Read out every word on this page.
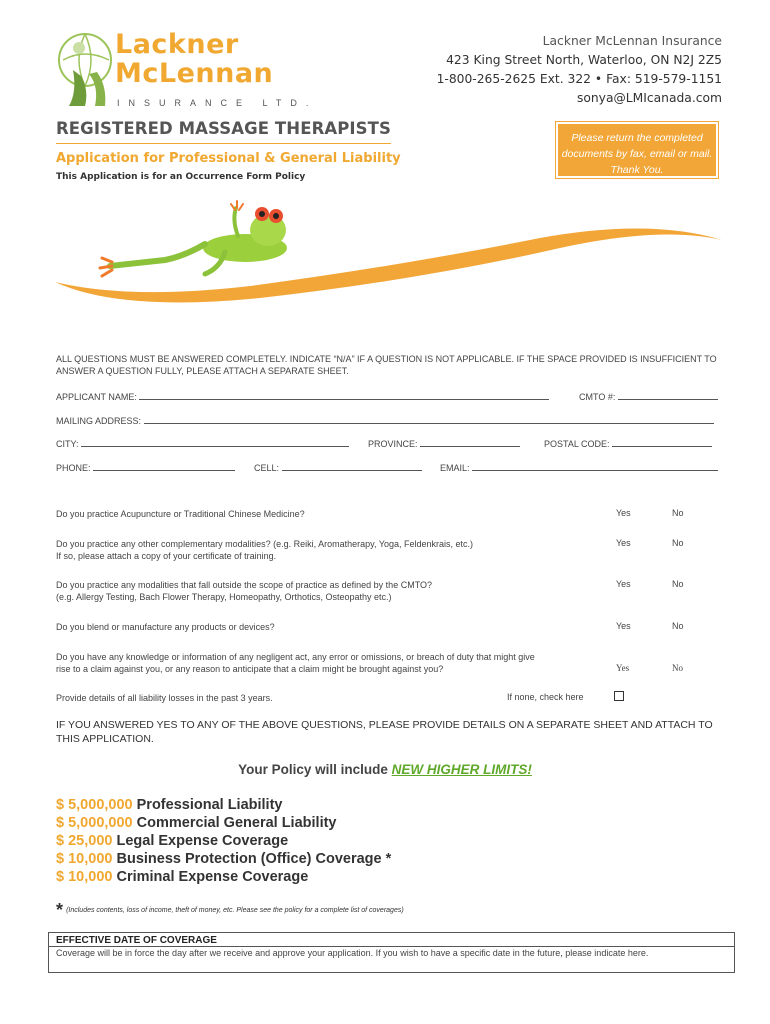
Lackner
McLennan
INSURANCE LTD.
Lackner McLennan Insurance
423 King Street North, Waterloo, ON N2J 2Z5
1-800-265-2625 Ext. 322 • Fax: 519-579-1151
sonya@LMIcanada.com
REGISTERED MASSAGE THERAPISTS
Application for Professional & General Liability
This Application is for an Occurrence Form Policy
Please return the completed documents by fax, email or mail. Thank You.
ALL QUESTIONS MUST BE ANSWERED COMPLETELY. INDICATE “N/A” IF A QUESTION IS NOT APPLICABLE. IF THE SPACE PROVIDED IS INSUFFICIENT TO ANSWER A QUESTION FULLY, PLEASE ATTACH A SEPARATE SHEET.
APPLICANT NAME:	CMTO #:
MAILING ADDRESS:
CITY:	PROVINCE:	POSTAL CODE:
PHONE:	CELL:	EMAIL:
Do you practice Acupuncture or Traditional Chinese Medicine?	Yes	No
Do you practice any other complementary modalities? (e.g. Reiki, Aromatherapy, Yoga, Feldenkrais, etc.)
If so, please attach a copy of your certificate of training.
Yes	No
Do you practice any modalities that fall outside the scope of practice as defined by the CMTO?
(e.g. Allergy Testing, Bach Flower Therapy, Homeopathy, Orthotics, Osteopathy etc.)
Yes	No
Do you blend or manufacture any products or devices?	Yes	No
Do you have any knowledge or information of any negligent act, any error or omissions, or breach of duty that might give
rise to a claim against you, or any reason to anticipate that a claim might be brought against you?	Yes	No
Provide details of all liability losses in the past 3 years.	If none, check here
IF YOU ANSWERED YES TO ANY OF THE ABOVE QUESTIONS, PLEASE PROVIDE DETAILS ON A SEPARATE SHEET AND ATTACH TO THIS APPLICATION.
Your Policy will include NEW HIGHER LIMITS!
$ 5,000,000 Professional Liability
$ 5,000,000 Commercial General Liability
$ 25,000 Legal Expense Coverage
$ 10,000 Business Protection (Office) Coverage *
$ 10,000 Criminal Expense Coverage
* (Includes contents, loss of income, theft of money, etc. Please see the policy for a complete list of coverages)
EFFECTIVE DATE OF COVERAGE
Coverage will be in force the day after we receive and approve your application. If you wish to have a specific date in the future, please indicate here.
